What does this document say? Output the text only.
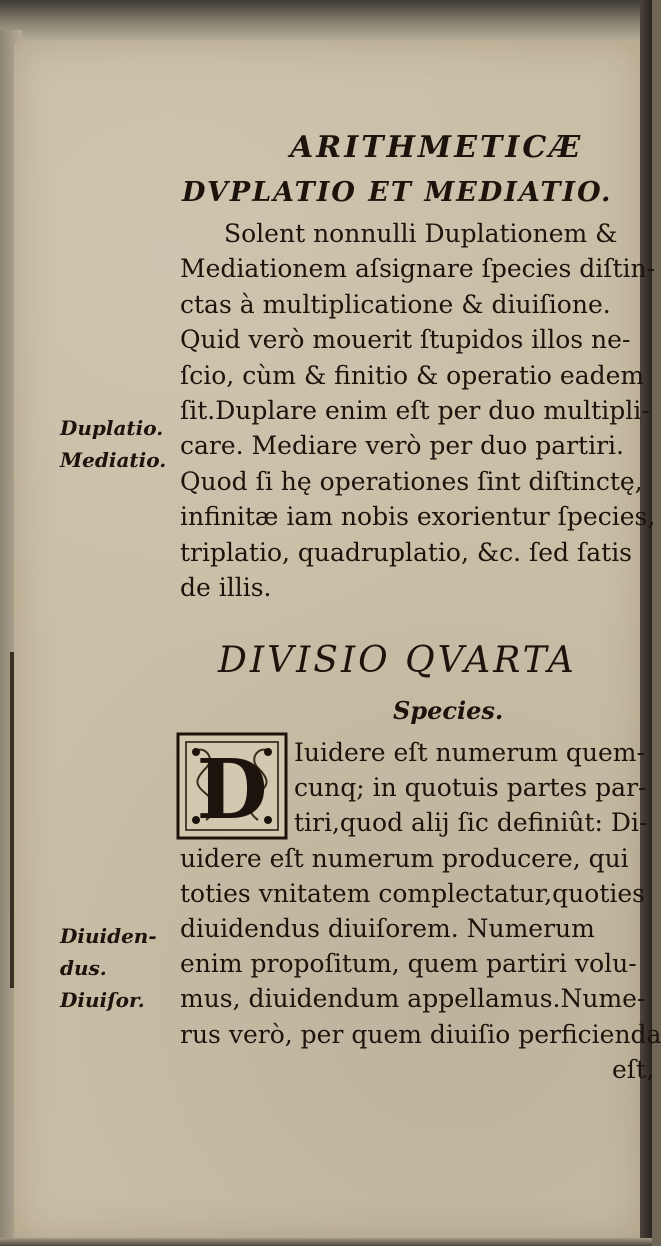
ARITHMETICÆ
DVPLATIO ET MEDIATIO.
Solent nonnulli Duplationem &
Mediationem aſsignare ſpecies diſtin-
ctas à multiplicatione & diuiſione.
Quid verò mouerit ſtupidos illos ne-
ſcio, cùm & finitio & operatio eadem
ſit.Duplare enim eſt per duo multipli-
care. Mediare verò per duo partiri.
Quod ſi hę operationes ſint diſtinctę,
infinitæ iam nobis exorientur ſpecies,
triplatio, quadruplatio, &c. ſed ſatis
de illis.
Duplatio.
Mediatio.
DIVISIO QVARTA
Species.
D	Iuidere eſt numerum quem-
cunq; in quotuis partes par-
tiri,quod alij ſic definiût: Di-
uidere eſt numerum producere, qui
toties vnitatem complectatur,quoties
diuidendus diuiſorem. Numerum
enim propoſitum, quem partiri volu-
mus, diuidendum appellamus.Nume-
rus verò, per quem diuiſio perficienda
eſt,
Diuiden-
dus.
Diuiſor.
